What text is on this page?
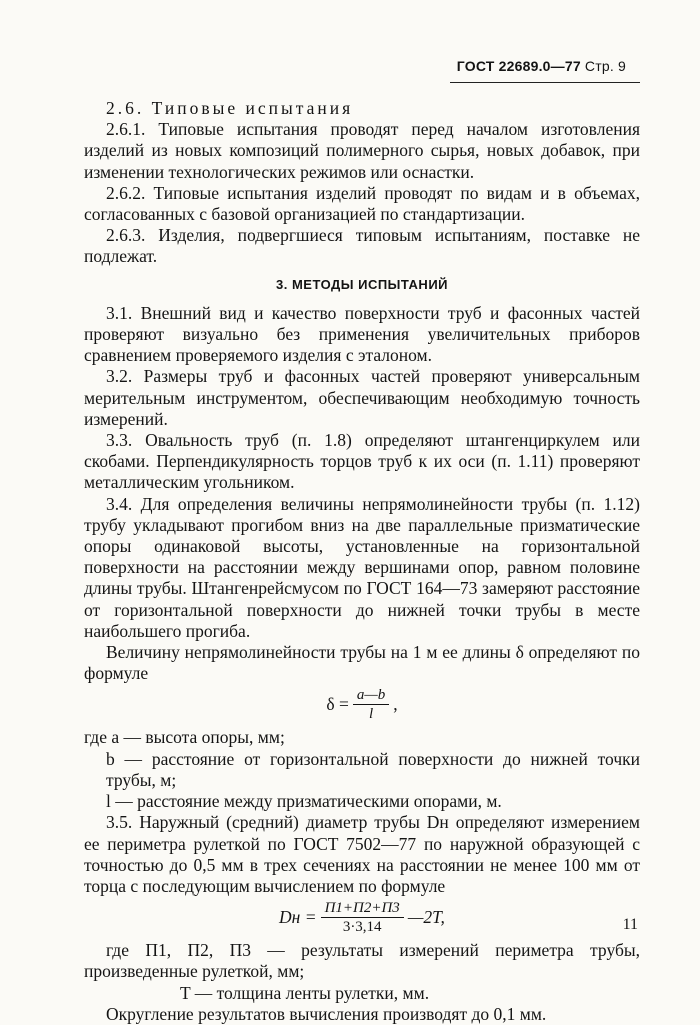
ГОСТ 22689.0—77 Стр. 9

2.6. Типовые испытания

2.6.1. Типовые испытания проводят перед началом изготовления изделий из новых композиций полимерного сырья, новых добавок, при изменении технологических режимов или оснастки.

2.6.2. Типовые испытания изделий проводят по видам и в объемах, согласованных с базовой организацией по стандартизации.

2.6.3. Изделия, подвергшиеся типовым испытаниям, поставке не подлежат.

3. МЕТОДЫ ИСПЫТАНИЙ

3.1. Внешний вид и качество поверхности труб и фасонных частей проверяют визуально без применения увеличительных приборов сравнением проверяемого изделия с эталоном.

3.2. Размеры труб и фасонных частей проверяют универсальным мерительным инструментом, обеспечивающим необходимую точность измерений.

3.3. Овальность труб (п. 1.8) определяют штангенциркулем или скобами. Перпендикулярность торцов труб к их оси (п. 1.11) проверяют металлическим угольником.

3.4. Для определения величины непрямолинейности трубы (п. 1.12) трубу укладывают прогибом вниз на две параллельные призматические опоры одинаковой высоты, установленные на горизонтальной поверхности на расстоянии между вершинами опор, равном половине длины трубы. Штангенрейсмусом по ГОСТ 164—73 замеряют расстояние от горизонтальной поверхности до нижней точки трубы в месте наибольшего прогиба.

Величину непрямолинейности трубы на 1 м ее длины δ определяют по формуле

$\delta = \frac{a—b}{l}$ ,

где a — высота опоры, мм;

b — расстояние от горизонтальной поверхности до нижней точки трубы, м;

l — расстояние между призматическими опорами, м.

3.5. Наружный (средний) диаметр трубы Dн определяют измерением ее периметра рулеткой по ГОСТ 7502—77 по наружной образующей с точностью до 0,5 мм в трех сечениях на расстоянии не менее 100 мм от торца с последующим вычислением по формуле

Dн = $\frac{П1+П2+П3}{3\cdot 3,14}$ —2T,

где П1, П2, П3 — результаты измерений периметра трубы, произведенные рулеткой, мм;

T — толщина ленты рулетки, мм.

Округление результатов вычисления производят до 0,1 мм.

11
